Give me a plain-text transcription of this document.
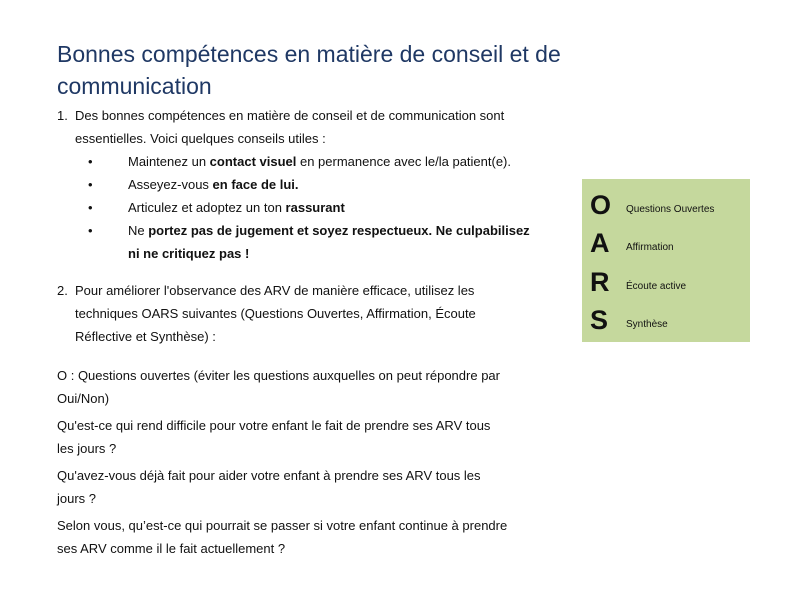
Bonnes compétences en matière de conseil et de communication
1. Des bonnes compétences en matière de conseil et de communication sont
essentielles. Voici quelques conseils utiles :
•	Maintenez un contact visuel en permanence avec le/la patient(e).
•	Asseyez-vous en face de lui.
•	Articulez et adoptez un ton rassurant
•	Ne portez pas de jugement et soyez respectueux. Ne culpabilisez
ni ne critiquez pas !
2. Pour améliorer l'observance des ARV de manière efficace, utilisez les
techniques OARS suivantes (Questions Ouvertes, Affirmation, Écoute
Réflective et Synthèse) :
O : Questions ouvertes (éviter les questions auxquelles on peut répondre par
Oui/Non)
Qu'est-ce qui rend difficile pour votre enfant le fait de prendre ses ARV tous
les jours ?
Qu'avez-vous déjà fait pour aider votre enfant à prendre ses ARV tous les
jours ?
Selon vous, qu’est-ce qui pourrait se passer si votre enfant continue à prendre
ses ARV comme il le fait actuellement ?
O	Questions Ouvertes
A	Affirmation
R	Écoute active
S	Synthèse
